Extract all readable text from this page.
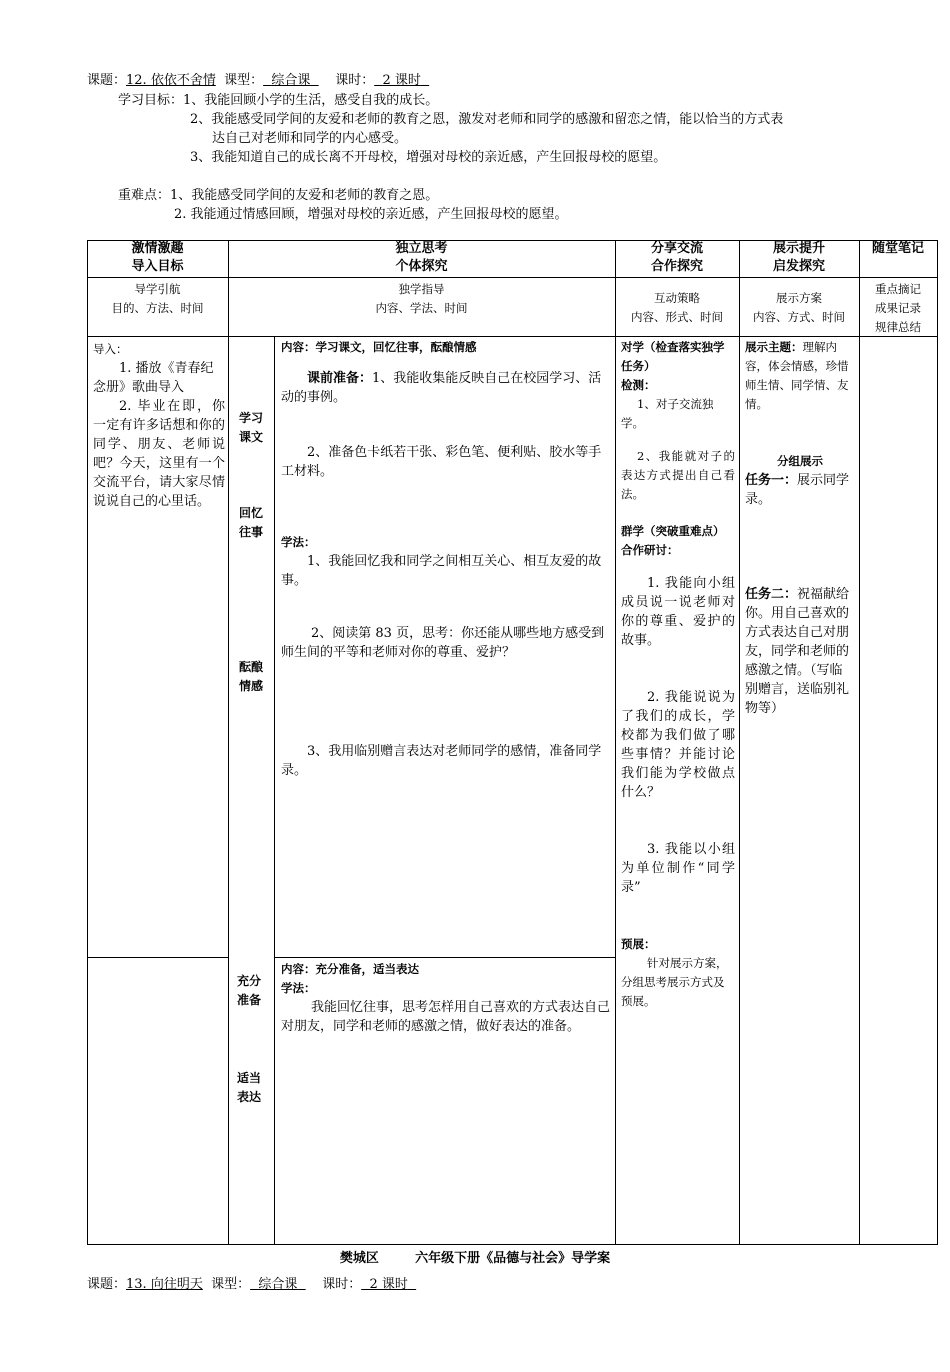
课题：12. 依依不舍情 课型： 综合课 课时： 2 课时
学习目标：1、我能回顾小学的生活，感受自我的成长。
2、我能感受同学间的友爱和老师的教育之恩，激发对老师和同学的感激和留恋之情，能以恰当的方式表
达自己对老师和同学的内心感受。
3、我能知道自己的成长离不开母校，增强对母校的亲近感，产生回报母校的愿望。
重难点：1、我能感受同学间的友爱和老师的教育之恩。
2. 我能通过情感回顾，增强对母校的亲近感，产生回报母校的愿望。
激情激趣
导入目标
独立思考
个体探究
分享交流
合作探究
展示提升
启发探究
随堂笔记
导学引航
目的、方法、时间
独学指导
内容、学法、时间
互动策略
内容、形式、时间
展示方案
内容、方式、时间
重点摘记
成果记录
规律总结
导入：
1. 播放《青春纪念册》歌曲导入
2. 毕业在即，你一定有许多话想和你的同学、朋友、老师说吧？今天，这里有一个交流平台，请大家尽情说说自己的心里话。
学习
课文
回忆
往事
酝酿
情感
充分
准备
适当
表达
内容：学习课文，回忆往事，酝酿情感
课前准备：1、我能收集能反映自己在校园学习、活动的事例。
2、准备色卡纸若干张、彩色笔、便利贴、胶水等手工材料。
学法：
1、我能回忆我和同学之间相互关心、相互友爱的故事。
2、阅读第 83 页，思考：你还能从哪些地方感受到师生间的平等和老师对你的尊重、爱护？
3、我用临别赠言表达对老师同学的感情，准备同学录。
内容：充分准备，适当表达
学法：
我能回忆往事，思考怎样用自己喜欢的方式表达自己对朋友，同学和老师的感激之情，做好表达的准备。
对学（检查落实独学任务）
检测：
1、对子交流独学。
2、我能就对子的表达方式提出自己看法。
群学（突破重难点）
合作研讨：
1. 我能向小组成员说一说老师对你的尊重、爱护的故事。
2. 我能说说为了我们的成长，学校都为我们做了哪些事情？并能讨论我们能为学校做点什么？
3. 我能以小组为单位制作“同学录”
预展：
针对展示方案，分组思考展示方式及预展。
展示主题：理解内容，体会情感，珍惜师生情、同学情、友情。
分组展示
任务一：展示同学录。
任务二：祝福献给你。用自己喜欢的方式表达自己对朋友，同学和老师的感激之情。（写临别赠言，送临别礼物等）
樊城区	六年级下册《品德与社会》导学案
课题：13. 向往明天 课型： 综合课 课时： 2 课时
